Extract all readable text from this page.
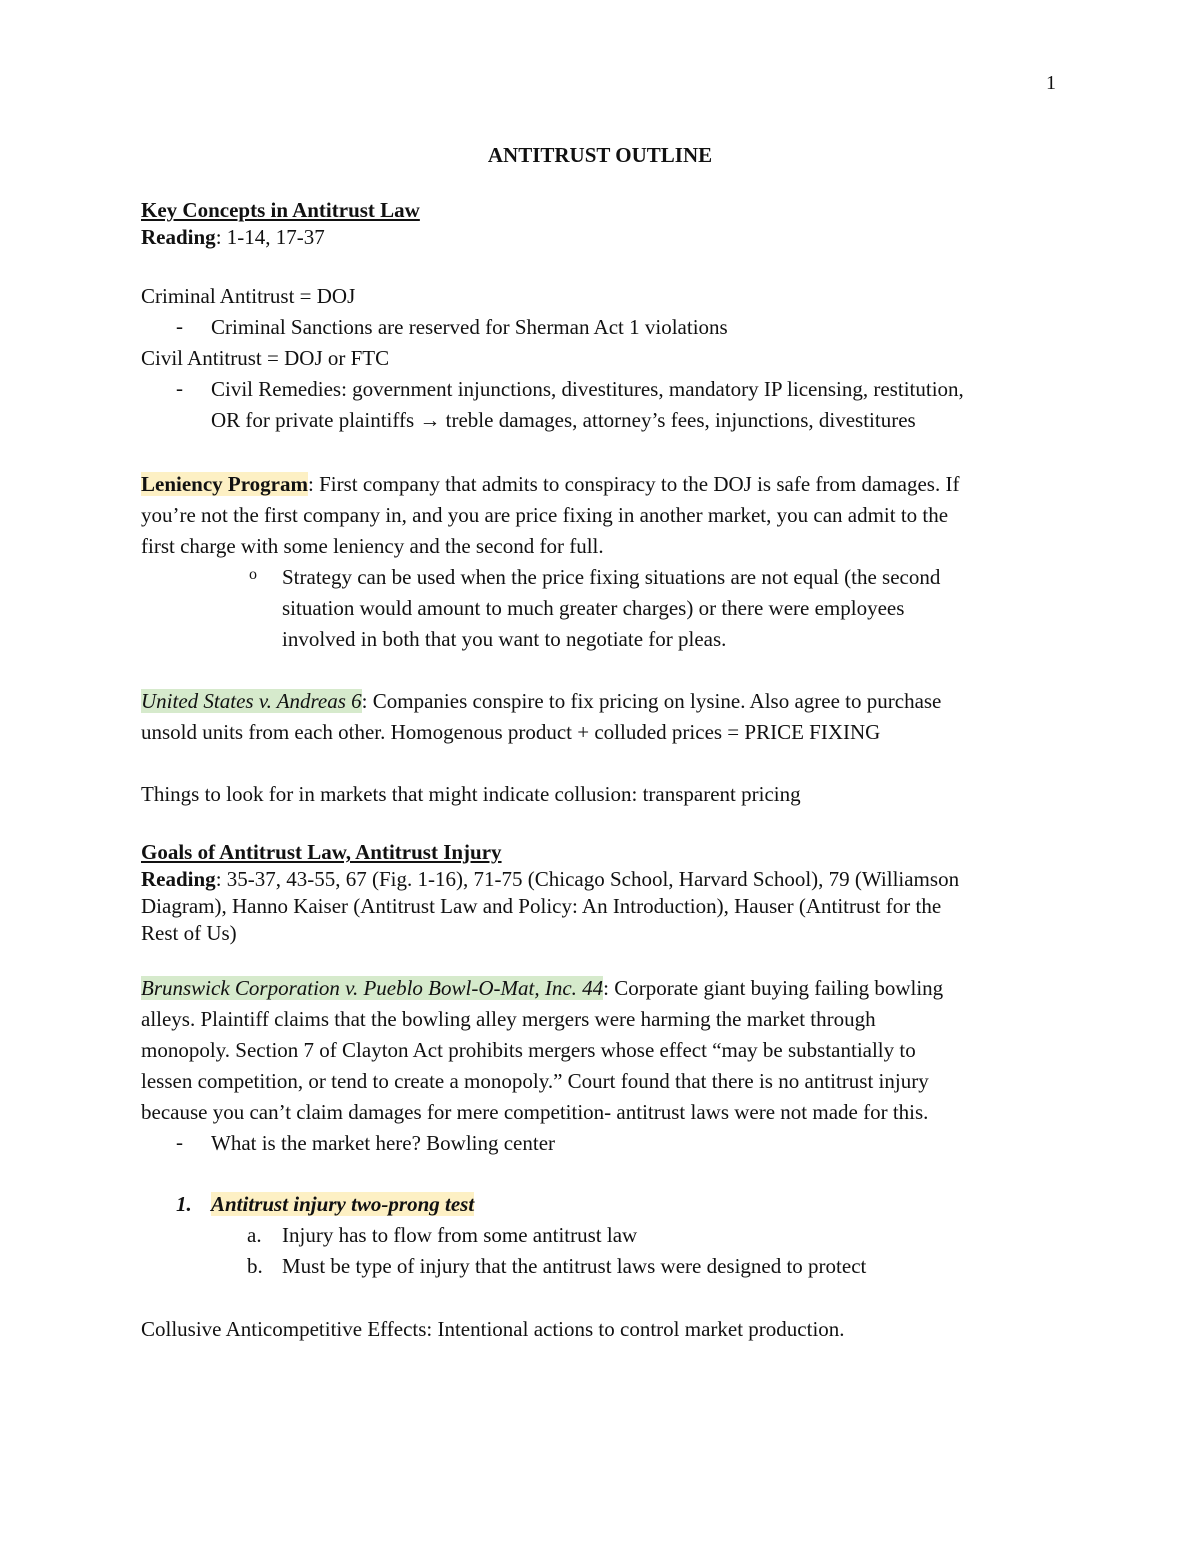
1
ANTITRUST OUTLINE
Key Concepts in Antitrust Law
Reading: 1-14, 17-37
Criminal Antitrust = DOJ
- Criminal Sanctions are reserved for Sherman Act 1 violations
Civil Antitrust = DOJ or FTC
- Civil Remedies: government injunctions, divestitures, mandatory IP licensing, restitution,
OR for private plaintiffs → treble damages, attorney’s fees, injunctions, divestitures
Leniency Program: First company that admits to conspiracy to the DOJ is safe from damages. If
you’re not the first company in, and you are price fixing in another market, you can admit to the
first charge with some leniency and the second for full.
o Strategy can be used when the price fixing situations are not equal (the second
situation would amount to much greater charges) or there were employees
involved in both that you want to negotiate for pleas.
United States v. Andreas 6: Companies conspire to fix pricing on lysine. Also agree to purchase
unsold units from each other. Homogenous product + colluded prices = PRICE FIXING
Things to look for in markets that might indicate collusion: transparent pricing
Goals of Antitrust Law, Antitrust Injury
Reading: 35-37, 43-55, 67 (Fig. 1-16), 71-75 (Chicago School, Harvard School), 79 (Williamson
Diagram), Hanno Kaiser (Antitrust Law and Policy: An Introduction), Hauser (Antitrust for the
Rest of Us)
Brunswick Corporation v. Pueblo Bowl-O-Mat, Inc. 44: Corporate giant buying failing bowling
alleys. Plaintiff claims that the bowling alley mergers were harming the market through
monopoly. Section 7 of Clayton Act prohibits mergers whose effect “may be substantially to
lessen competition, or tend to create a monopoly.” Court found that there is no antitrust injury
because you can’t claim damages for mere competition- antitrust laws were not made for this.
- What is the market here? Bowling center
1. Antitrust injury two-prong test
a. Injury has to flow from some antitrust law
b. Must be type of injury that the antitrust laws were designed to protect
Collusive Anticompetitive Effects: Intentional actions to control market production.
